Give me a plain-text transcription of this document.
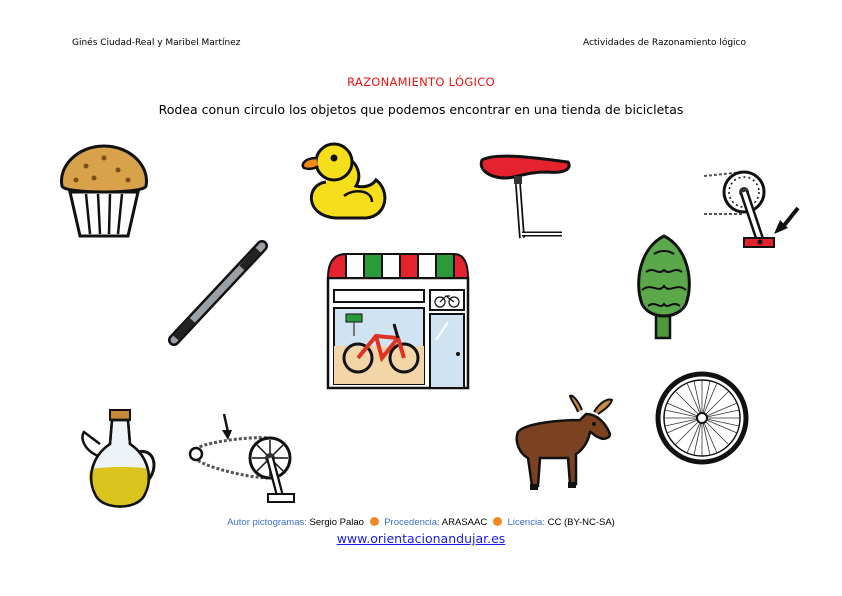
Ginés Ciudad-Real y Maribel Martínez	Actividades de Razonamiento lógico
RAZONAMIENTO LÓGICO
Rodea conun circulo los objetos que podemos encontrar en una tienda de bicicletas
Autor pictogramas: Sergio Palao Procedencia: ARASAAC Licencia: CC (BY-NC-SA)
www.orientacionandujar.es
